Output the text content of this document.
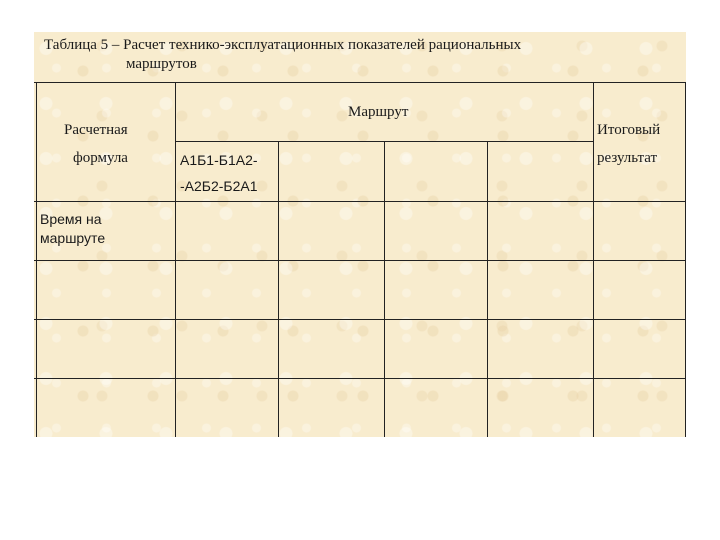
Таблица 5 – Расчет технико-эксплуатационных показателей рациональных
маршрутов
Расчетная
формула
Маршрут
Итоговый
результат
А1Б1-Б1А2-
-А2Б2-Б2А1
Время на
маршруте
